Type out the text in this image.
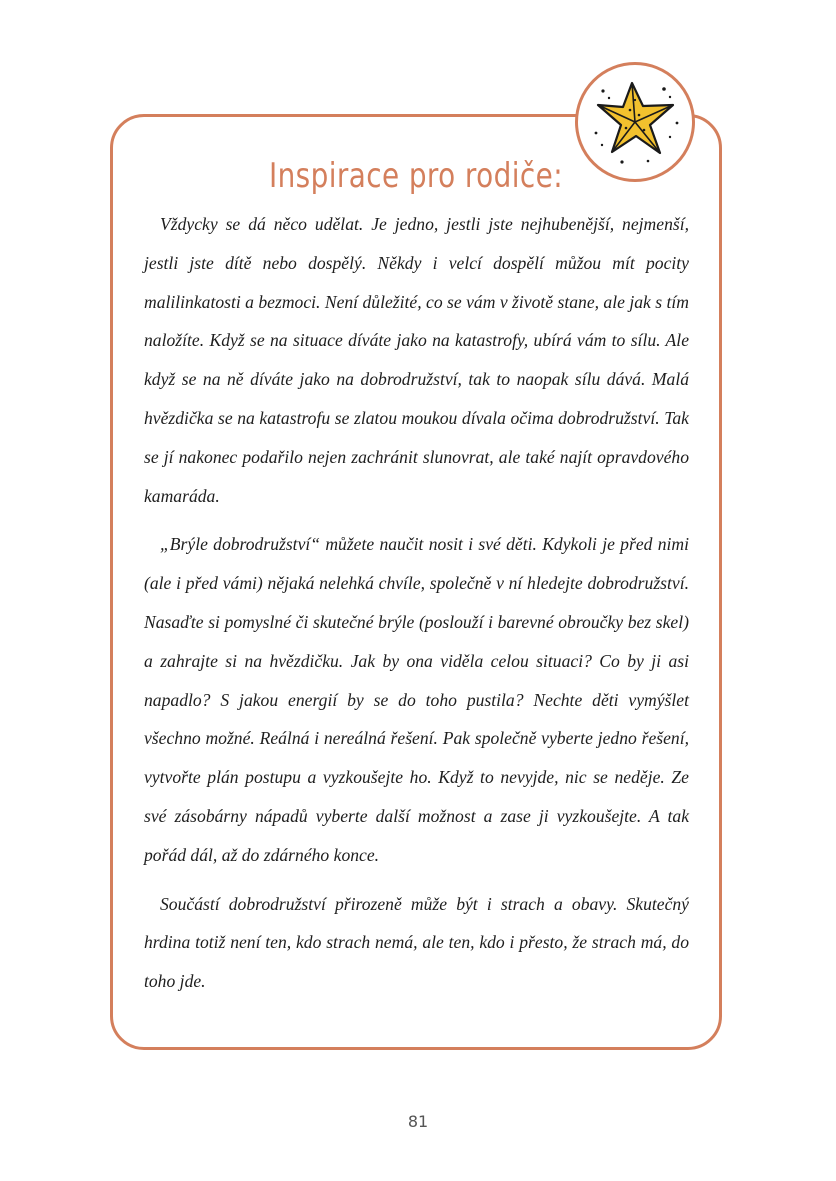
Inspirace pro rodiče:

Vždycky se dá něco udělat. Je jedno, jestli jste nejhubenější, nejmenší, jestli jste dítě nebo dospělý. Někdy i velcí dospělí můžou mít pocity malilinkatosti a bezmoci. Není důležité, co se vám v životě stane, ale jak s tím naložíte. Když se na situace díváte jako na katastrofy, ubírá vám to sílu. Ale když se na ně díváte jako na dobrodružství, tak to naopak sílu dává. Malá hvězdička se na katastrofu se zlatou moukou dívala očima dobrodružství. Tak se jí nakonec podařilo nejen zachránit slunovrat, ale také najít opravdového kamaráda.

„Brýle dobrodružství“ můžete naučit nosit i své děti. Kdykoli je před nimi (ale i před vámi) nějaká nelehká chvíle, společně v ní hledejte dobrodružství. Nasaďte si pomyslné či skutečné brýle (poslouží i barevné obroučky bez skel) a zahrajte si na hvězdičku. Jak by ona viděla celou situaci? Co by ji asi napadlo? S jakou energií by se do toho pustila? Nechte děti vymýšlet všechno možné. Reálná i nereálná řešení. Pak společně vyberte jedno řešení, vytvořte plán postupu a vyzkoušejte ho. Když to nevyjde, nic se neděje. Ze své zásobárny nápadů vyberte další možnost a zase ji vyzkoušejte. A tak pořád dál, až do zdárného konce.

Součástí dobrodružství přirozeně může být i strach a obavy. Skutečný hrdina totiž není ten, kdo strach nemá, ale ten, kdo i přesto, že strach má, do toho jde.

81
